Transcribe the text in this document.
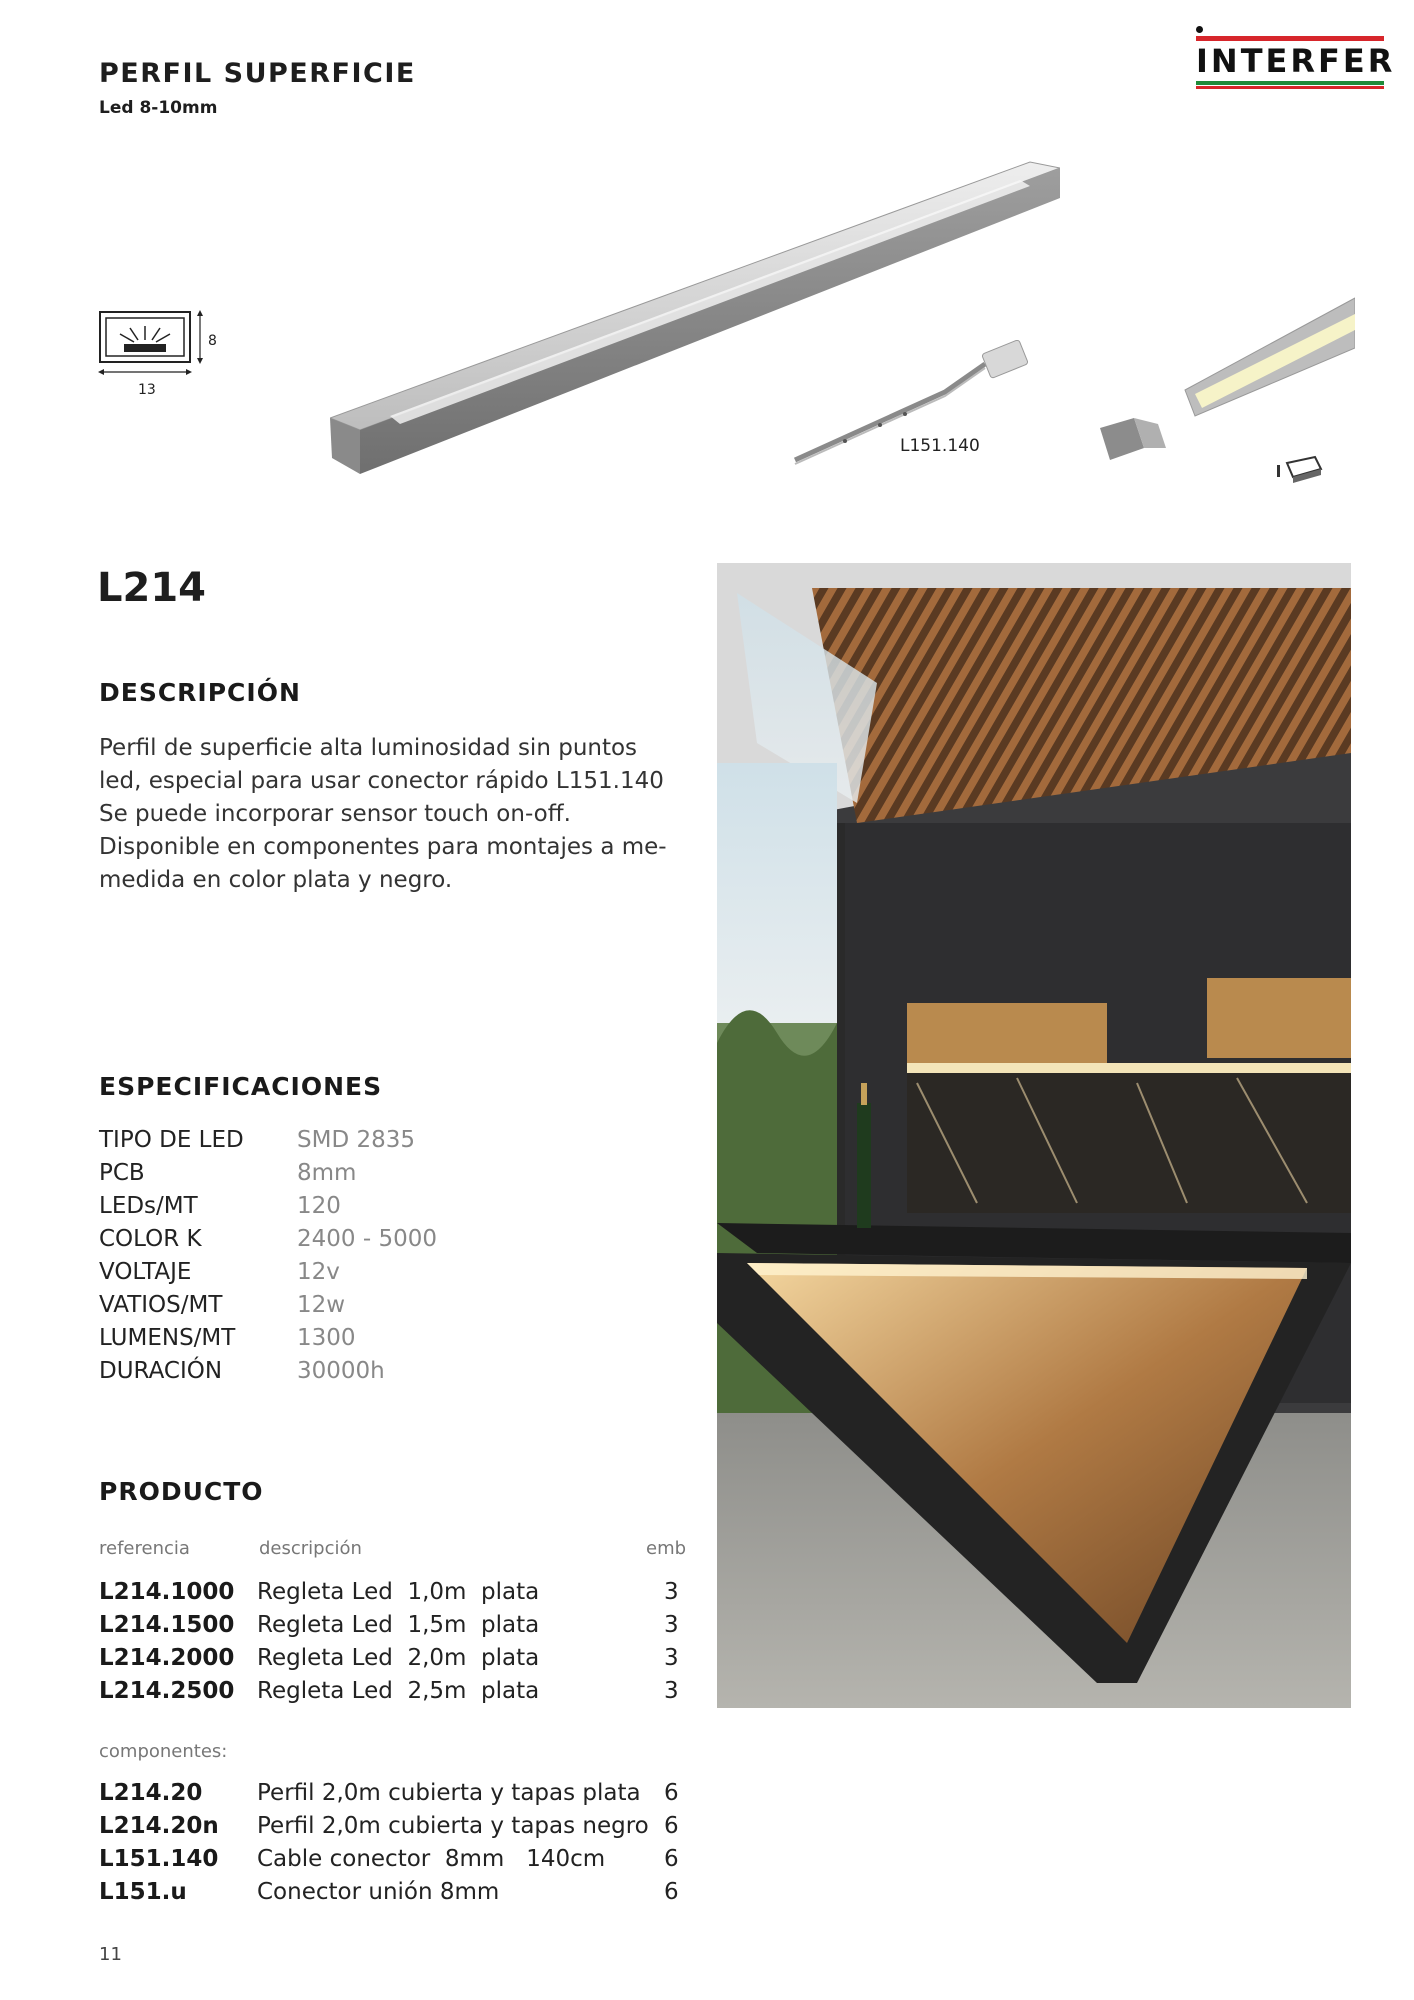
PERFIL SUPERFICIE
Led 8-10mm
INTERFER
8
13
L151.140
L214
DESCRIPCIÓN
Perfil de superficie alta luminosidad sin puntos
led, especial para usar conector rápido L151.140
Se puede incorporar sensor touch on-off.
Disponible en componentes para montajes a me-
medida en color plata y negro.
ESPECIFICACIONES
TIPO DE LED	SMD 2835
PCB	8mm
LEDs/MT	120
COLOR K	2400 - 5000
VOLTAJE	12v
VATIOS/MT	12w
LUMENS/MT	1300
DURACIÓN	30000h
PRODUCTO
referencia	descripción	emb
L214.1000 Regleta Led  1,0m  plata	3
L214.1500 Regleta Led  1,5m  plata	3
L214.2000 Regleta Led  2,0m  plata	3
L214.2500 Regleta Led  2,5m  plata	3
componentes:
L214.20 Perfil 2,0m cubierta y tapas plata 6
L214.20n Perfil 2,0m cubierta y tapas negro 6
L151.140 Cable conector  8mm   140cm	6
L151.u	Conector unión 8mm	6
11
